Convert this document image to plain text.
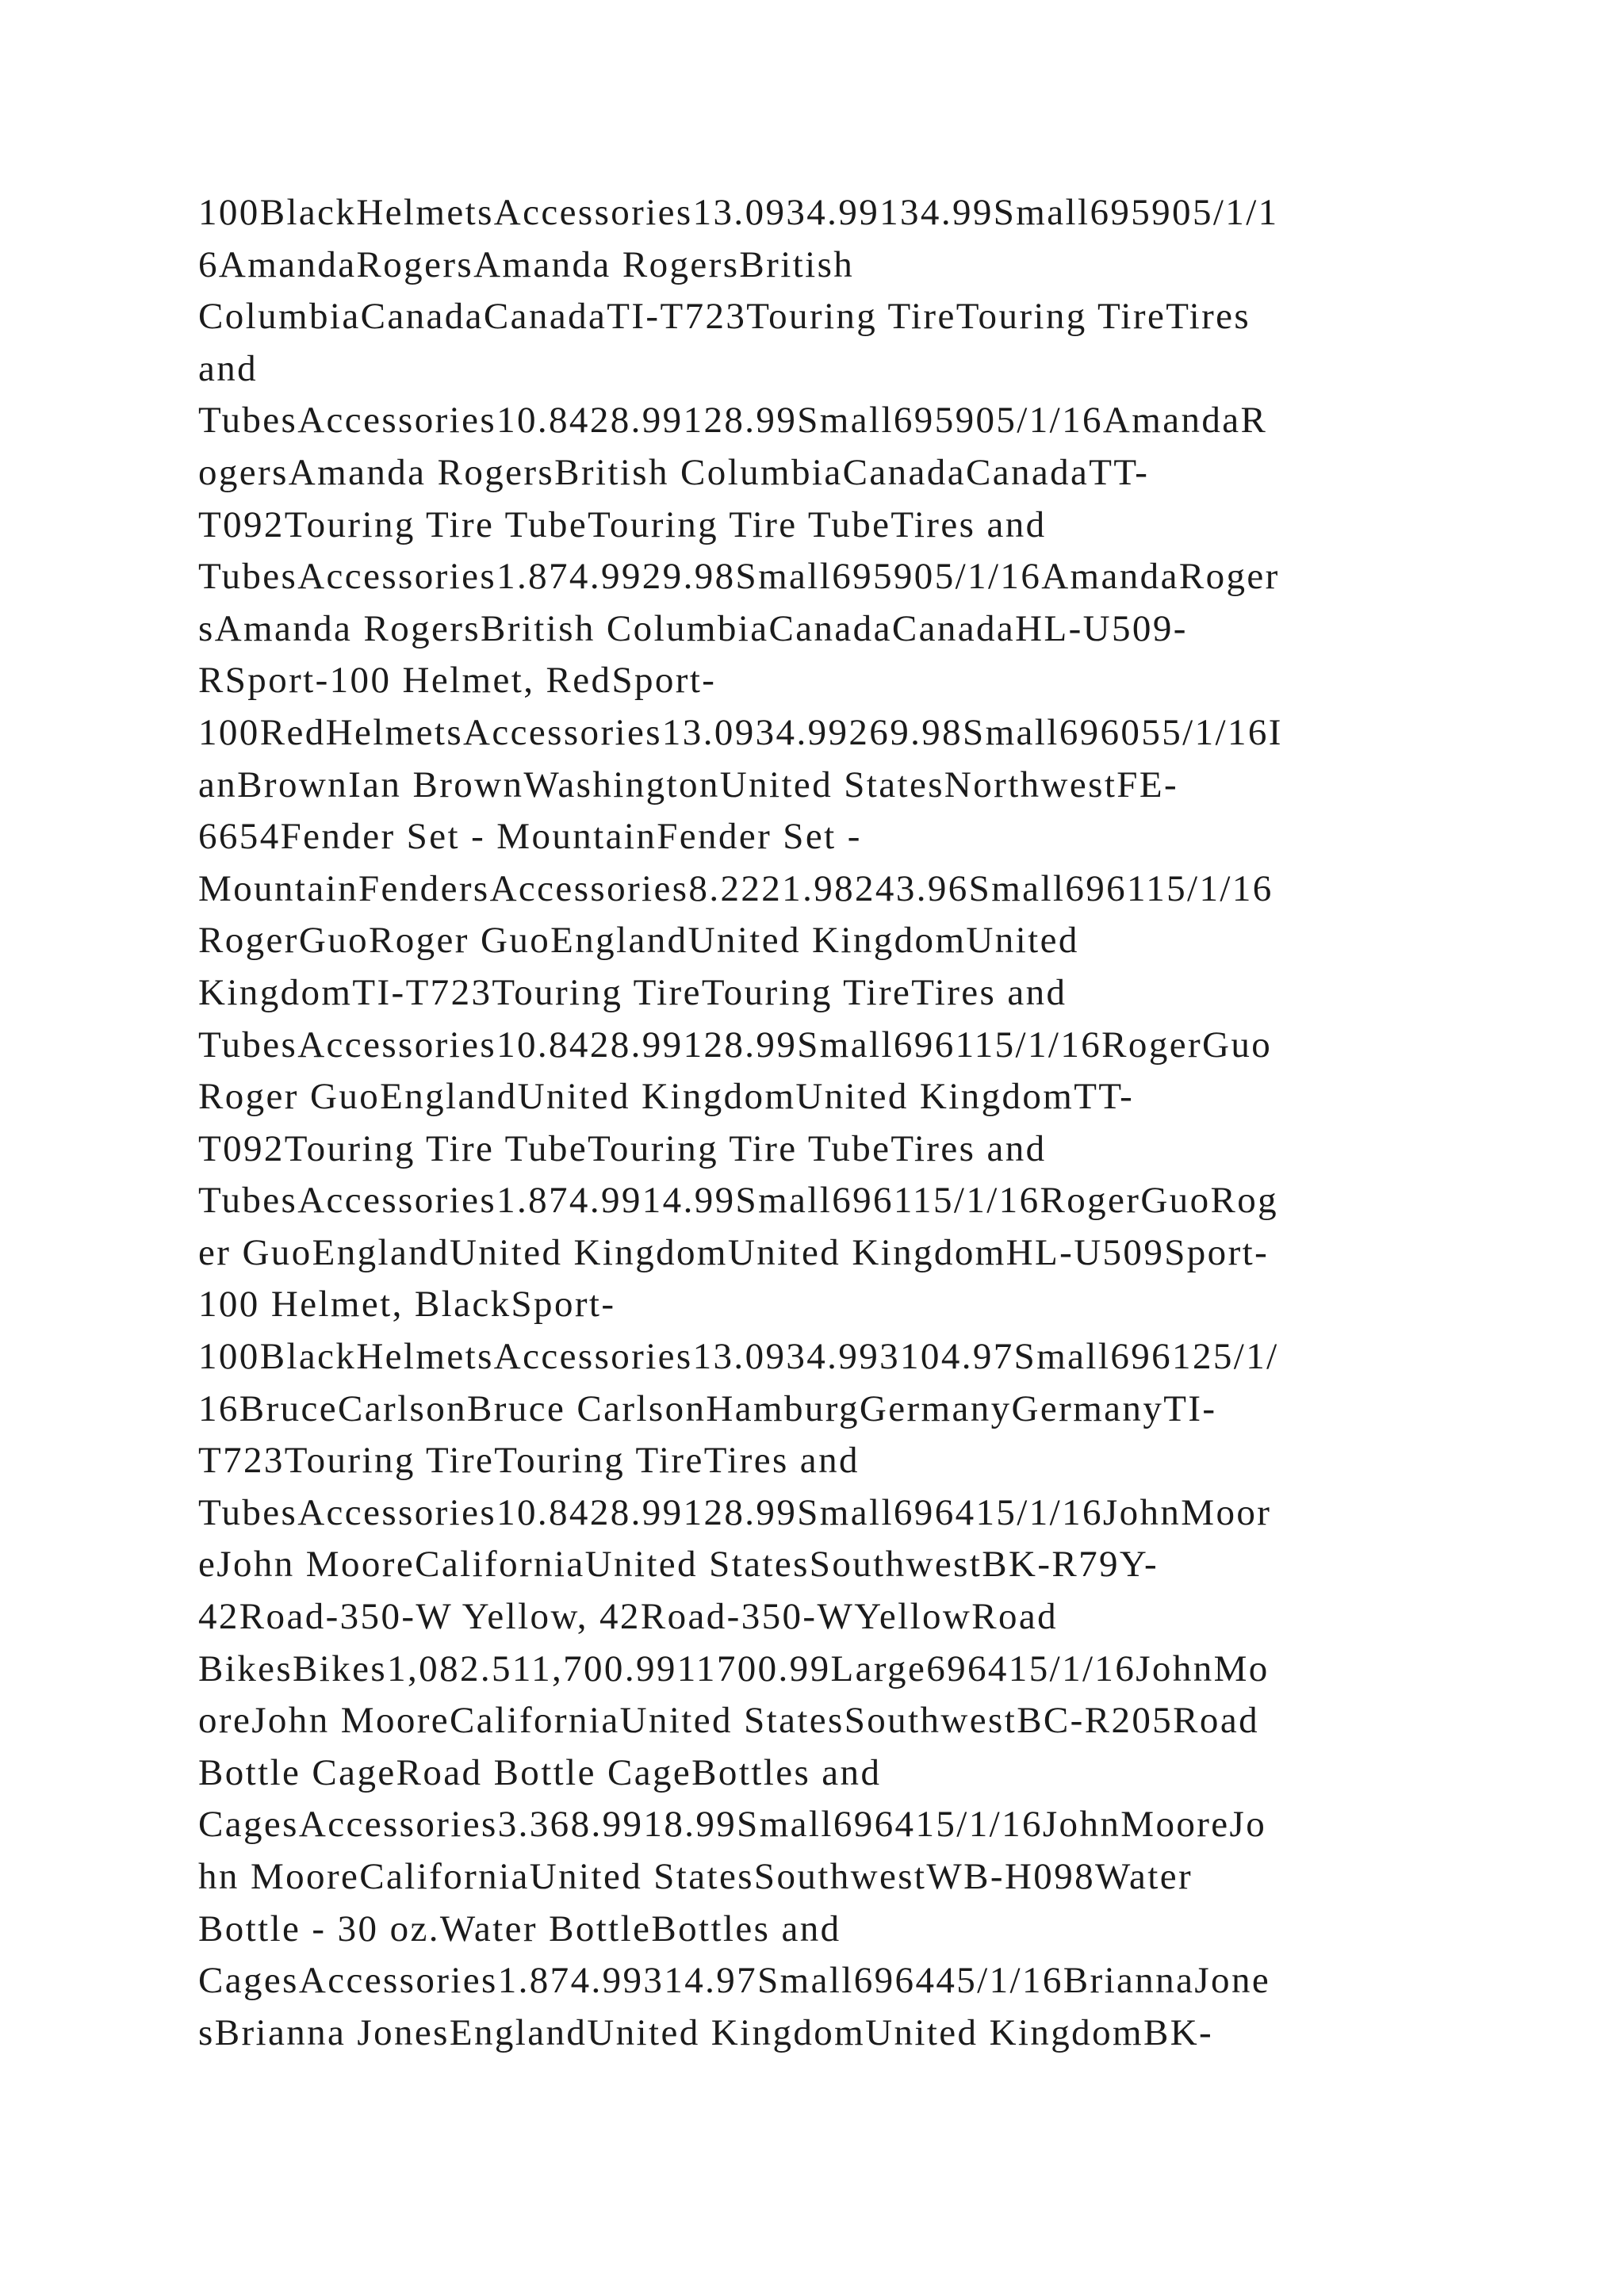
100BlackHelmetsAccessories13.0934.99134.99Small695905/1/1
6AmandaRogersAmanda RogersBritish
ColumbiaCanadaCanadaTI-T723Touring TireTouring TireTires
and
TubesAccessories10.8428.99128.99Small695905/1/16AmandaR
ogersAmanda RogersBritish ColumbiaCanadaCanadaTT-
T092Touring Tire TubeTouring Tire TubeTires and
TubesAccessories1.874.9929.98Small695905/1/16AmandaRoger
sAmanda RogersBritish ColumbiaCanadaCanadaHL-U509-
RSport-100 Helmet, RedSport-
100RedHelmetsAccessories13.0934.99269.98Small696055/1/16I
anBrownIan BrownWashingtonUnited StatesNorthwestFE-
6654Fender Set - MountainFender Set -
MountainFendersAccessories8.2221.98243.96Small696115/1/16
RogerGuoRoger GuoEnglandUnited KingdomUnited
KingdomTI-T723Touring TireTouring TireTires and
TubesAccessories10.8428.99128.99Small696115/1/16RogerGuo
Roger GuoEnglandUnited KingdomUnited KingdomTT-
T092Touring Tire TubeTouring Tire TubeTires and
TubesAccessories1.874.9914.99Small696115/1/16RogerGuoRog
er GuoEnglandUnited KingdomUnited KingdomHL-U509Sport-
100 Helmet, BlackSport-
100BlackHelmetsAccessories13.0934.993104.97Small696125/1/
16BruceCarlsonBruce CarlsonHamburgGermanyGermanyTI-
T723Touring TireTouring TireTires and
TubesAccessories10.8428.99128.99Small696415/1/16JohnMoor
eJohn MooreCaliforniaUnited StatesSouthwestBK-R79Y-
42Road-350-W Yellow, 42Road-350-WYellowRoad
BikesBikes1,082.511,700.9911700.99Large696415/1/16JohnMo
oreJohn MooreCaliforniaUnited StatesSouthwestBC-R205Road
Bottle CageRoad Bottle CageBottles and
CagesAccessories3.368.9918.99Small696415/1/16JohnMooreJo
hn MooreCaliforniaUnited StatesSouthwestWB-H098Water
Bottle - 30 oz.Water BottleBottles and
CagesAccessories1.874.99314.97Small696445/1/16BriannaJone
sBrianna JonesEnglandUnited KingdomUnited KingdomBK-
